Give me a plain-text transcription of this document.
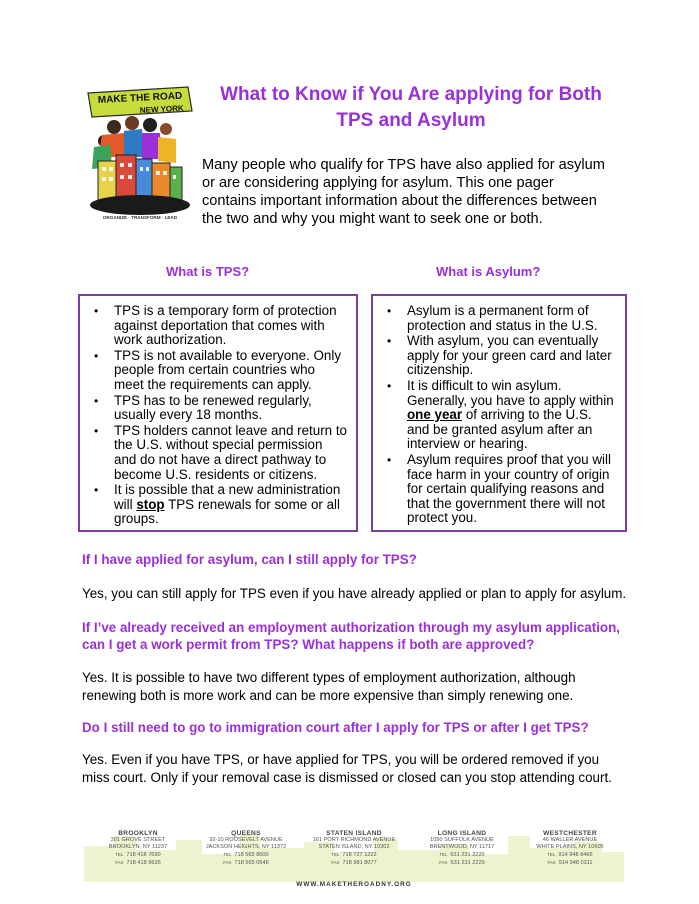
MAKE THE ROAD
NEW YORK
ORGANIZE · TRANSFORM · LEAD
What to Know if You Are applying for Both
TPS and Asylum

Many people who qualify for TPS have also applied for asylum or are considering applying for asylum. This one pager contains important information about the differences between the two and why you might want to seek one or both.

What is TPS?	What is Asylum?
• TPS is a temporary form of protection against deportation that comes with work authorization.
• TPS is not available to everyone. Only people from certain countries who meet the requirements can apply.
• TPS has to be renewed regularly, usually every 18 months.
• TPS holders cannot leave and return to the U.S. without special permission and do not have a direct pathway to become U.S. residents or citizens.
• It is possible that a new administration will stop TPS renewals for some or all groups.
• Asylum is a permanent form of protection and status in the U.S.
• With asylum, you can eventually apply for your green card and later citizenship.
• It is difficult to win asylum. Generally, you have to apply within one year of arriving to the U.S. and be granted asylum after an interview or hearing.
• Asylum requires proof that you will face harm in your country of origin for certain qualifying reasons and that the government there will not protect you.
If I have applied for asylum, can I still apply for TPS?
Yes, you can still apply for TPS even if you have already applied or plan to apply for asylum.
If I’ve already received an employment authorization through my asylum application, can I get a work permit from TPS? What happens if both are approved?
Yes. It is possible to have two different types of employment authorization, although renewing both is more work and can be more expensive than simply renewing one.
Do I still need to go to immigration court after I apply for TPS or after I get TPS?
Yes. Even if you have TPS, or have applied for TPS, you will be ordered removed if you miss court. Only if your removal case is dismissed or closed can you stop attending court.
BROOKLYN
301 GROVE STREET
BROOKLYN, NY 11237
TEL 718 418 7690
FAX 718 418 9635
QUEENS
92-10 ROOSEVELT AVENUE
JACKSON HEIGHTS, NY 11372
TEL 718 565 8500
FAX 718 565 0646
STATEN ISLAND
161 PORT RICHMOND AVENUE
STATEN ISLAND, NY 10302
TEL 718 727 1222
FAX 718 981 8077
LONG ISLAND
1090 SUFFOLK AVENUE
BRENTWOOD, NY 11717
TEL 631 231 2220
FAX 631 231 2229
WESTCHESTER
46 WALLER AVENUE
WHITE PLAINS, NY 10605
TEL 914 948 8466
FAX 914 948 0311
WWW.MAKETHEROADNY.ORG
